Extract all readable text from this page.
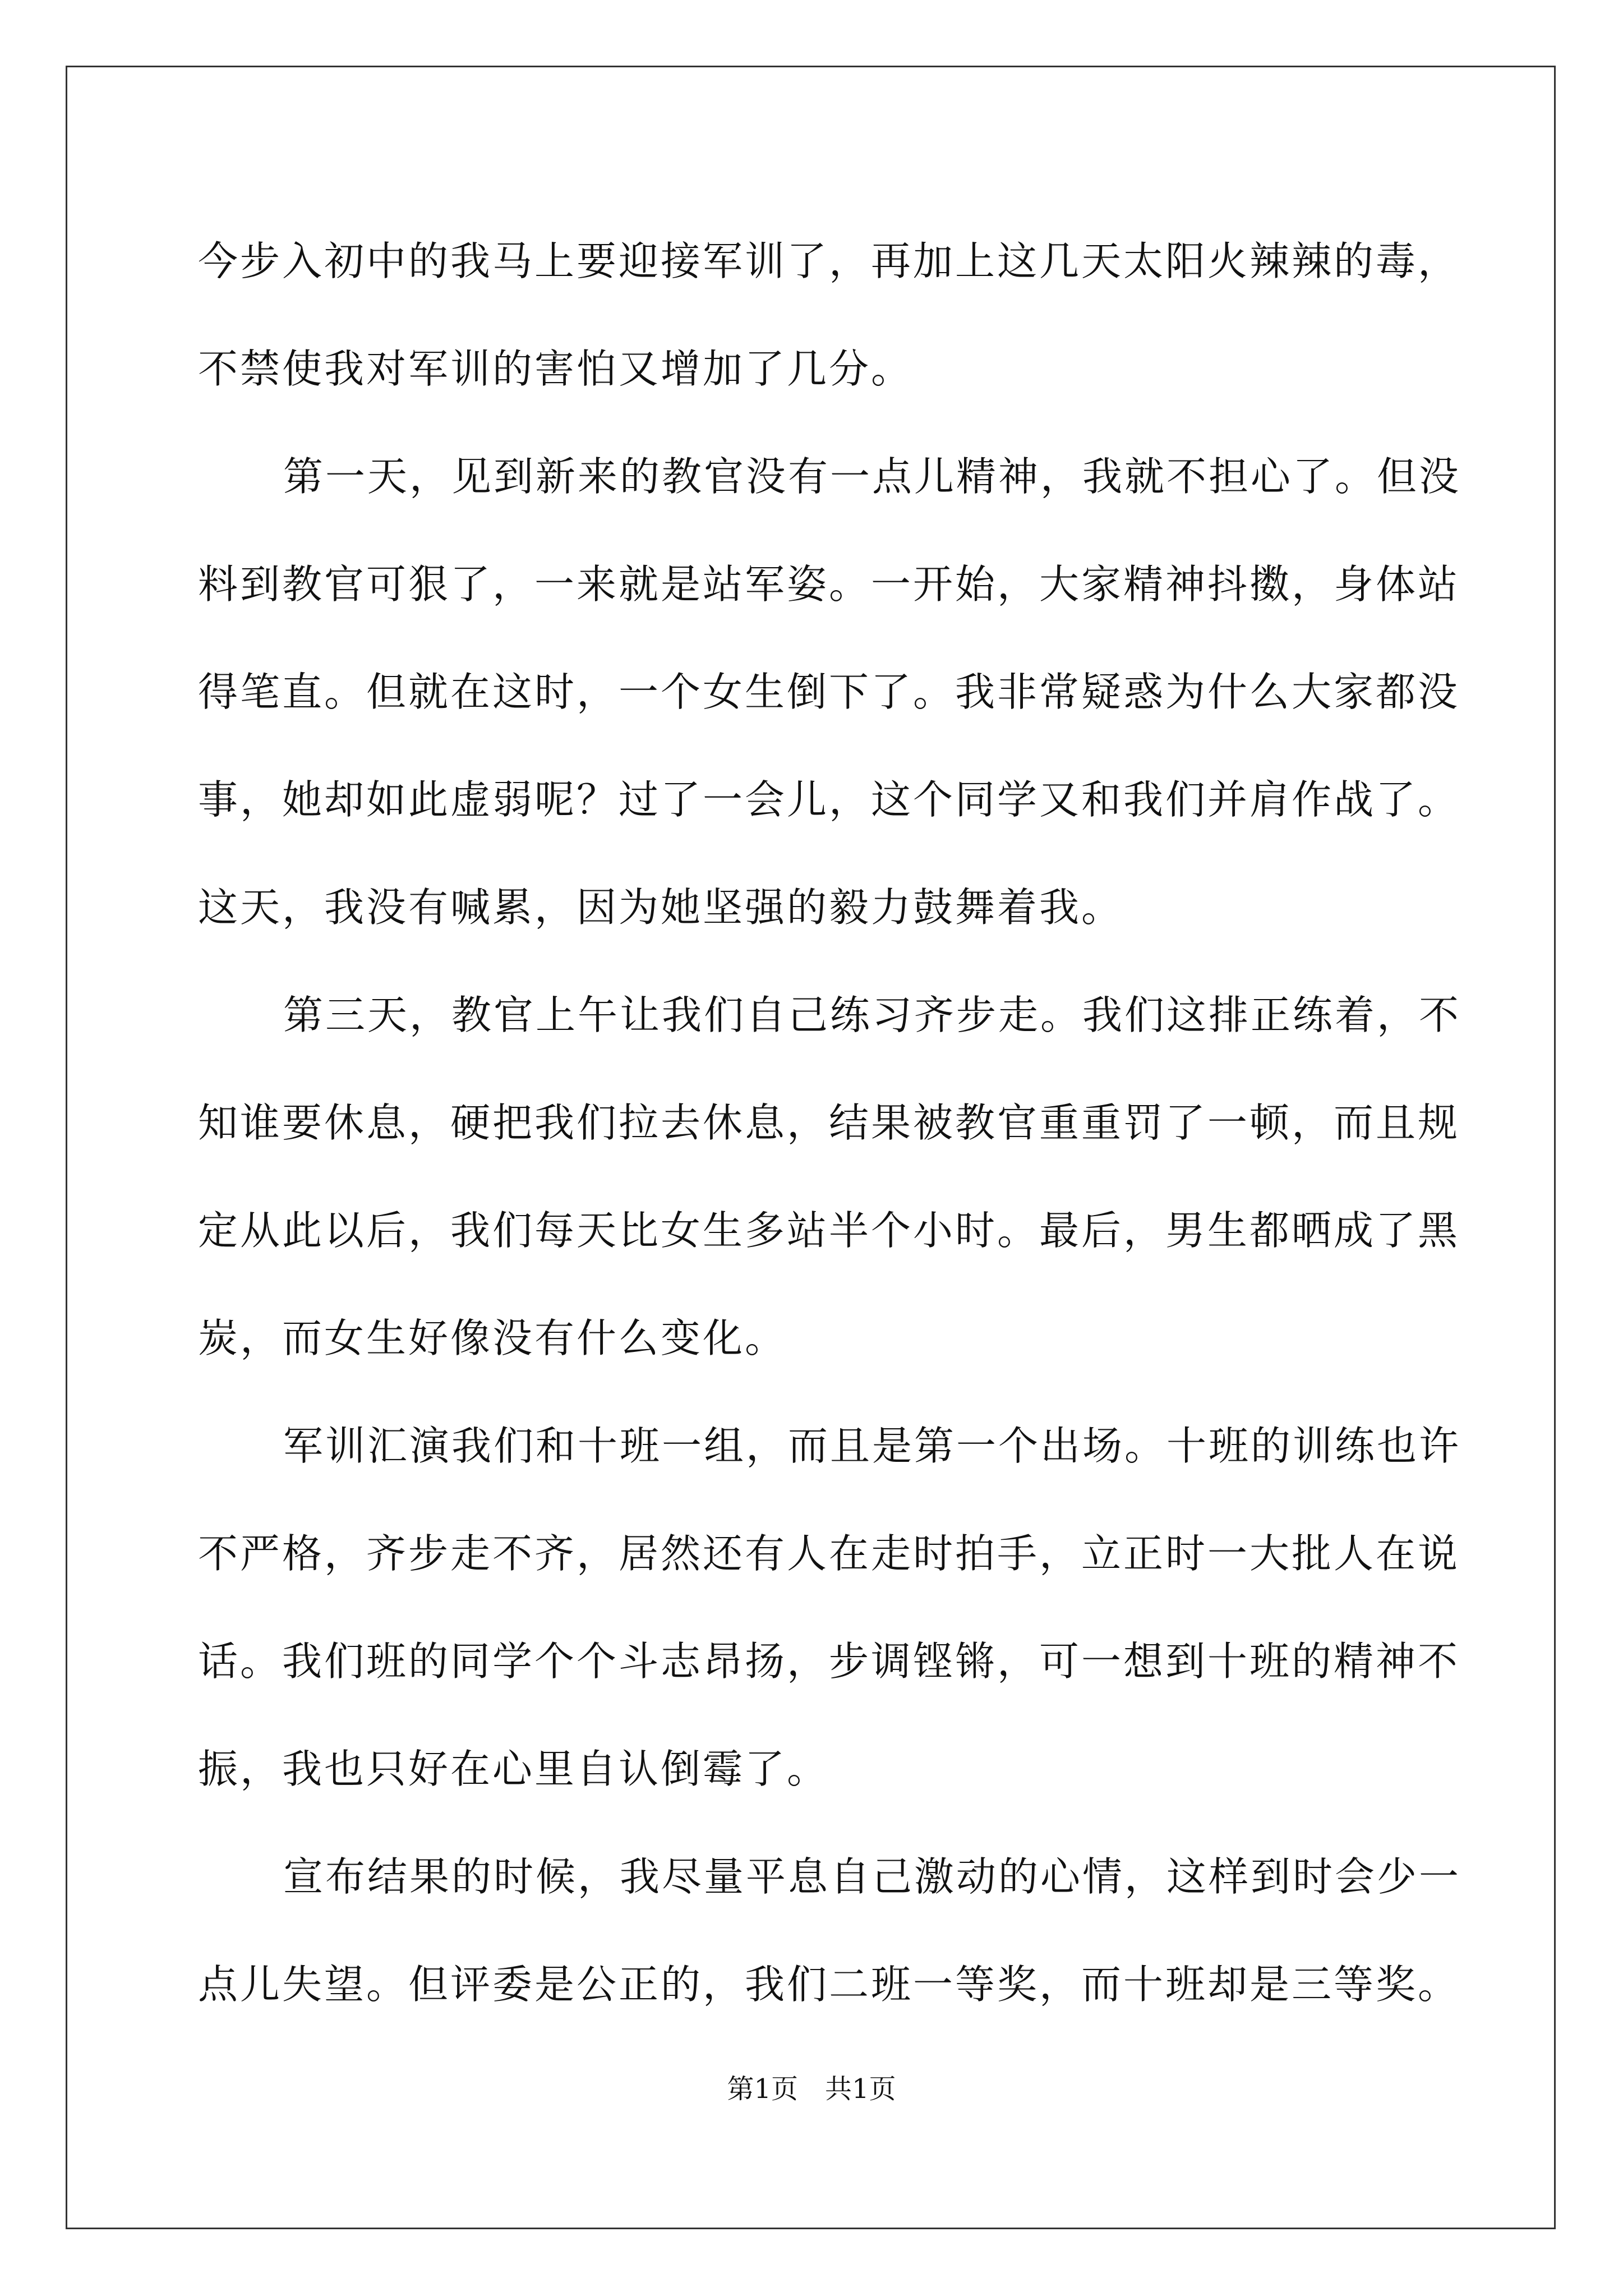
今步入初中的我马上要迎接军训了，再加上这几天太阳火辣辣的毒，
不禁使我对军训的害怕又增加了几分。
第一天，见到新来的教官没有一点儿精神，我就不担心了。但没
料到教官可狠了，一来就是站军姿。一开始，大家精神抖擞，身体站
得笔直。但就在这时，一个女生倒下了。我非常疑惑为什么大家都没
事，她却如此虚弱呢？过了一会儿，这个同学又和我们并肩作战了。
这天，我没有喊累，因为她坚强的毅力鼓舞着我。
第三天，教官上午让我们自己练习齐步走。我们这排正练着，不
知谁要休息，硬把我们拉去休息，结果被教官重重罚了一顿，而且规
定从此以后，我们每天比女生多站半个小时。最后，男生都晒成了黑
炭，而女生好像没有什么变化。
军训汇演我们和十班一组，而且是第一个出场。十班的训练也许
不严格，齐步走不齐，居然还有人在走时拍手，立正时一大批人在说
话。我们班的同学个个斗志昂扬，步调铿锵，可一想到十班的精神不
振，我也只好在心里自认倒霉了。
宣布结果的时候，我尽量平息自己激动的心情，这样到时会少一
点儿失望。但评委是公正的，我们二班一等奖，而十班却是三等奖。
第1页 共1页
